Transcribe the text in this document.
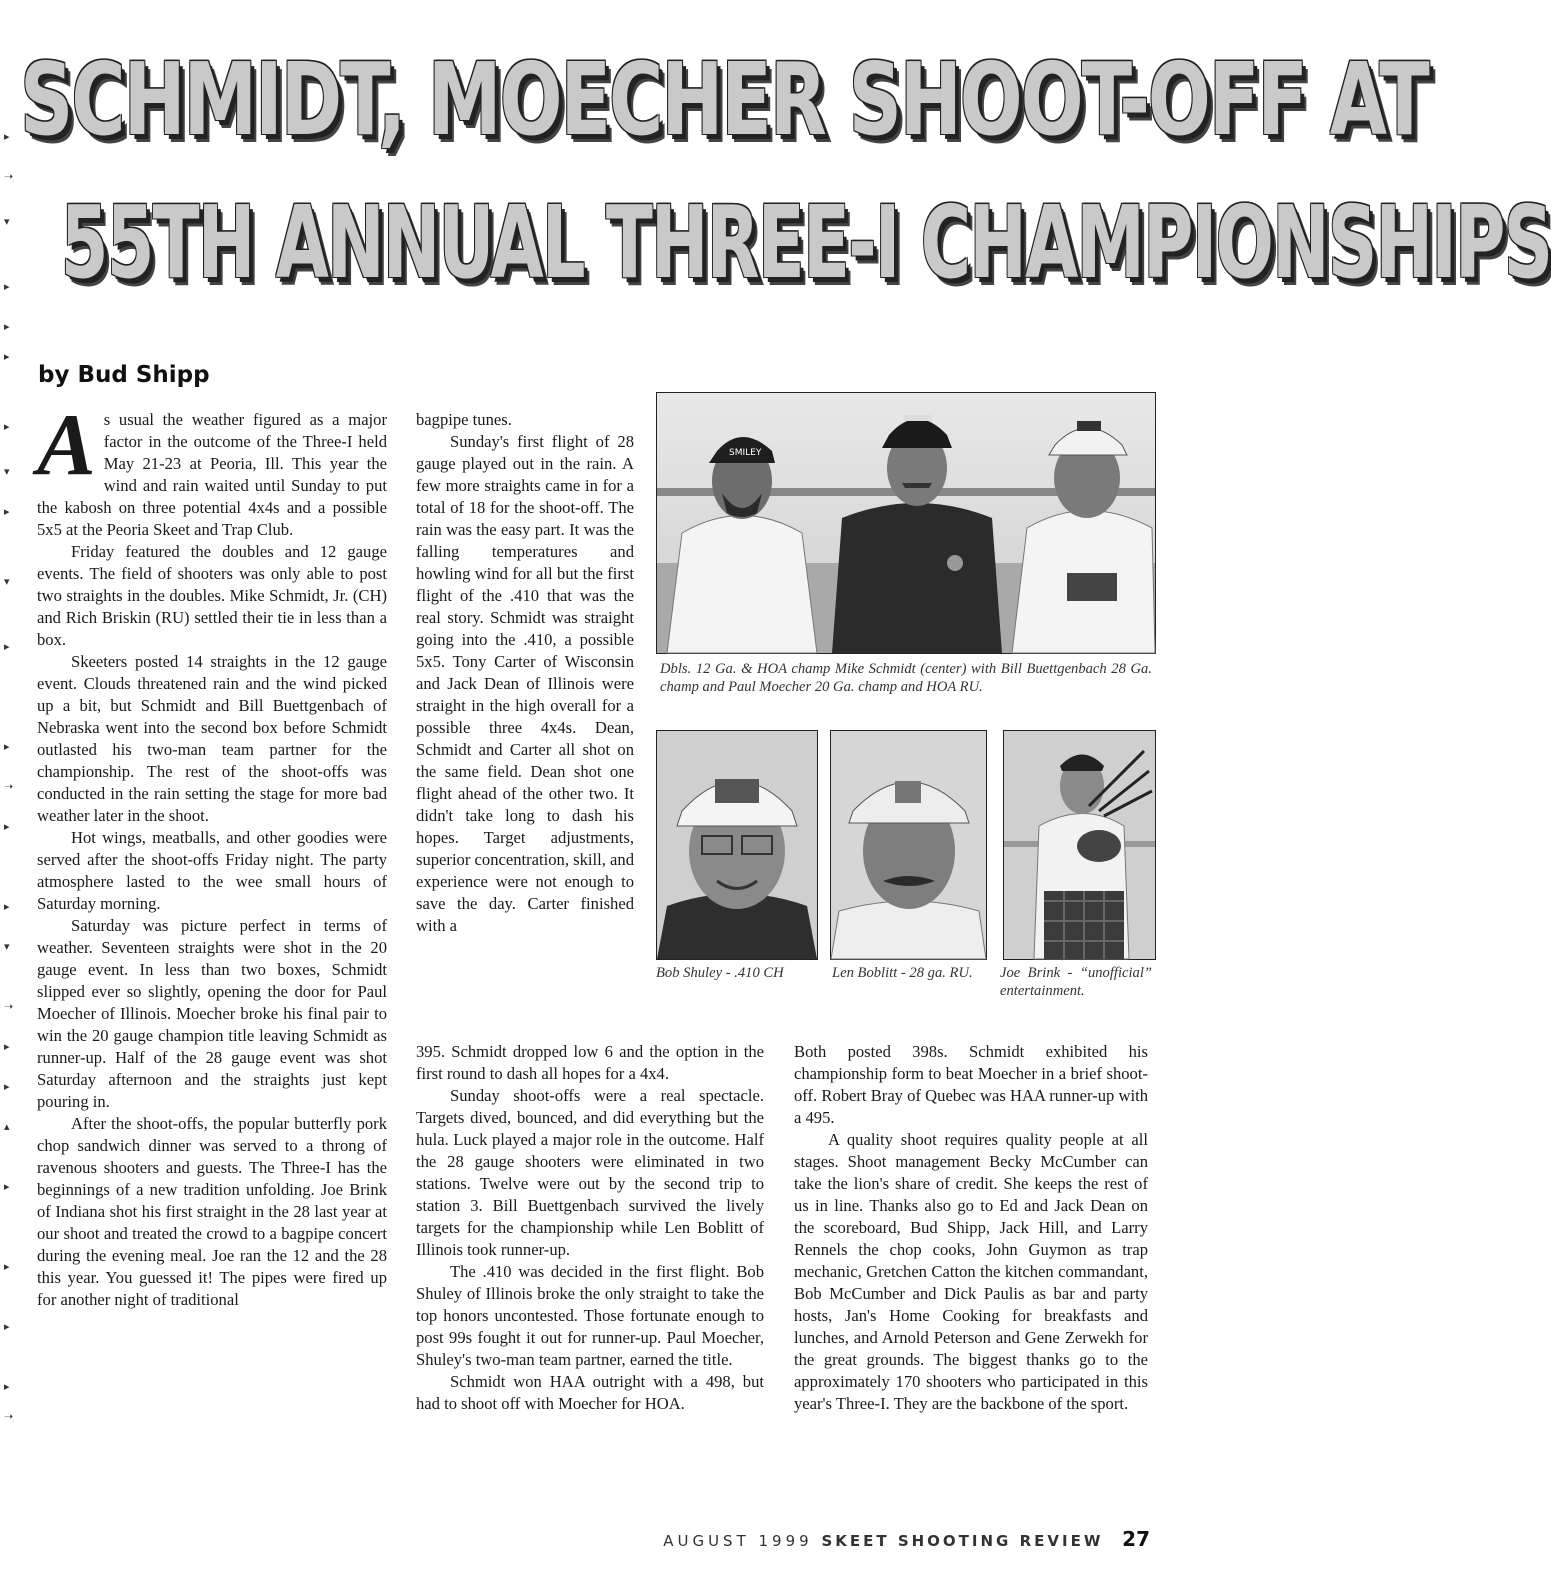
▸
➝
▾
▸
▸
▸
▸
▾
▸
▾
▸
▸
➝
▸
▸
▾
➝
▸
▸
▴
▸
▸
▸
▸
➝
SCHMIDT, MOECHER SHOOT-OFF AT
55TH ANNUAL THREE-I CHAMPIONSHIPS
by Bud Shipp

As usual the weather figured as a major factor in the outcome of the Three-I held May 21-23 at Peoria, Ill. This year the wind and rain waited until Sunday to put the kabosh on three potential 4x4s and a possible 5x5 at the Peoria Skeet and Trap Club.

Friday featured the doubles and 12 gauge events. The field of shooters was only able to post two straights in the doubles. Mike Schmidt, Jr. (CH) and Rich Briskin (RU) settled their tie in less than a box.

Skeeters posted 14 straights in the 12 gauge event. Clouds threatened rain and the wind picked up a bit, but Schmidt and Bill Buettgenbach of Nebraska went into the second box before Schmidt outlasted his two-man team partner for the championship. The rest of the shoot-offs was conducted in the rain setting the stage for more bad weather later in the shoot.

Hot wings, meatballs, and other goodies were served after the shoot-offs Friday night. The party atmosphere lasted to the wee small hours of Saturday morning.

Saturday was picture perfect in terms of weather. Seventeen straights were shot in the 20 gauge event. In less than two boxes, Schmidt slipped ever so slightly, opening the door for Paul Moecher of Illinois. Moecher broke his final pair to win the 20 gauge champion title leaving Schmidt as runner-up. Half of the 28 gauge event was shot Saturday afternoon and the straights just kept pouring in.

After the shoot-offs, the popular butterfly pork chop sandwich dinner was served to a throng of ravenous shooters and guests. The Three-I has the beginnings of a new tradition unfolding. Joe Brink of Indiana shot his first straight in the 28 last year at our shoot and treated the crowd to a bagpipe concert during the evening meal. Joe ran the 12 and the 28 this year. You guessed it! The pipes were fired up for another night of traditional

bagpipe tunes.

Sunday's first flight of 28 gauge played out in the rain. A few more straights came in for a total of 18 for the shoot-off. The rain was the easy part. It was the falling temperatures and howling wind for all but the first flight of the .410 that was the real story. Schmidt was straight going into the .410, a possible 5x5. Tony Carter of Wisconsin and Jack Dean of Illinois were straight in the high overall for a possible three 4x4s. Dean, Schmidt and Carter all shot on the same field. Dean shot one flight ahead of the other two. It didn't take long to dash his hopes. Target adjustments, superior concentration, skill, and experience were not enough to save the day. Carter finished with a

395. Schmidt dropped low 6 and the option in the first round to dash all hopes for a 4x4.

Sunday shoot-offs were a real spectacle. Targets dived, bounced, and did everything but the hula. Luck played a major role in the outcome. Half the 28 gauge shooters were eliminated in two stations. Twelve were out by the second trip to station 3. Bill Buettgenbach survived the lively targets for the championship while Len Boblitt of Illinois took runner-up.

The .410 was decided in the first flight. Bob Shuley of Illinois broke the only straight to take the top honors uncontested. Those fortunate enough to post 99s fought it out for runner-up. Paul Moecher, Shuley's two-man team partner, earned the title.

Schmidt won HAA outright with a 498, but had to shoot off with Moecher for HOA.

Both posted 398s. Schmidt exhibited his championship form to beat Moecher in a brief shoot-off. Robert Bray of Quebec was HAA runner-up with a 495.

A quality shoot requires quality people at all stages. Shoot management Becky McCumber can take the lion's share of credit. She keeps the rest of us in line. Thanks also go to Ed and Jack Dean on the scoreboard, Bud Shipp, Jack Hill, and Larry Rennels the chop cooks, John Guymon as trap mechanic, Gretchen Catton the kitchen commandant, Bob McCumber and Dick Paulis as bar and party hosts, Jan's Home Cooking for breakfasts and lunches, and Arnold Peterson and Gene Zerwekh for the great grounds. The biggest thanks go to the approximately 170 shooters who participated in this year's Three-I. They are the backbone of the sport.

SMILEY
Dbls. 12 Ga. & HOA champ Mike Schmidt (center) with Bill Buettgenbach 28 Ga. champ and Paul Moecher 20 Ga. champ and HOA RU.
Bob Shuley - .410 CH	Len Boblitt - 28 ga. RU.	Joe Brink - “unofficial” entertainment.
AUGUST 1999 SKEET SHOOTING REVIEW 27
